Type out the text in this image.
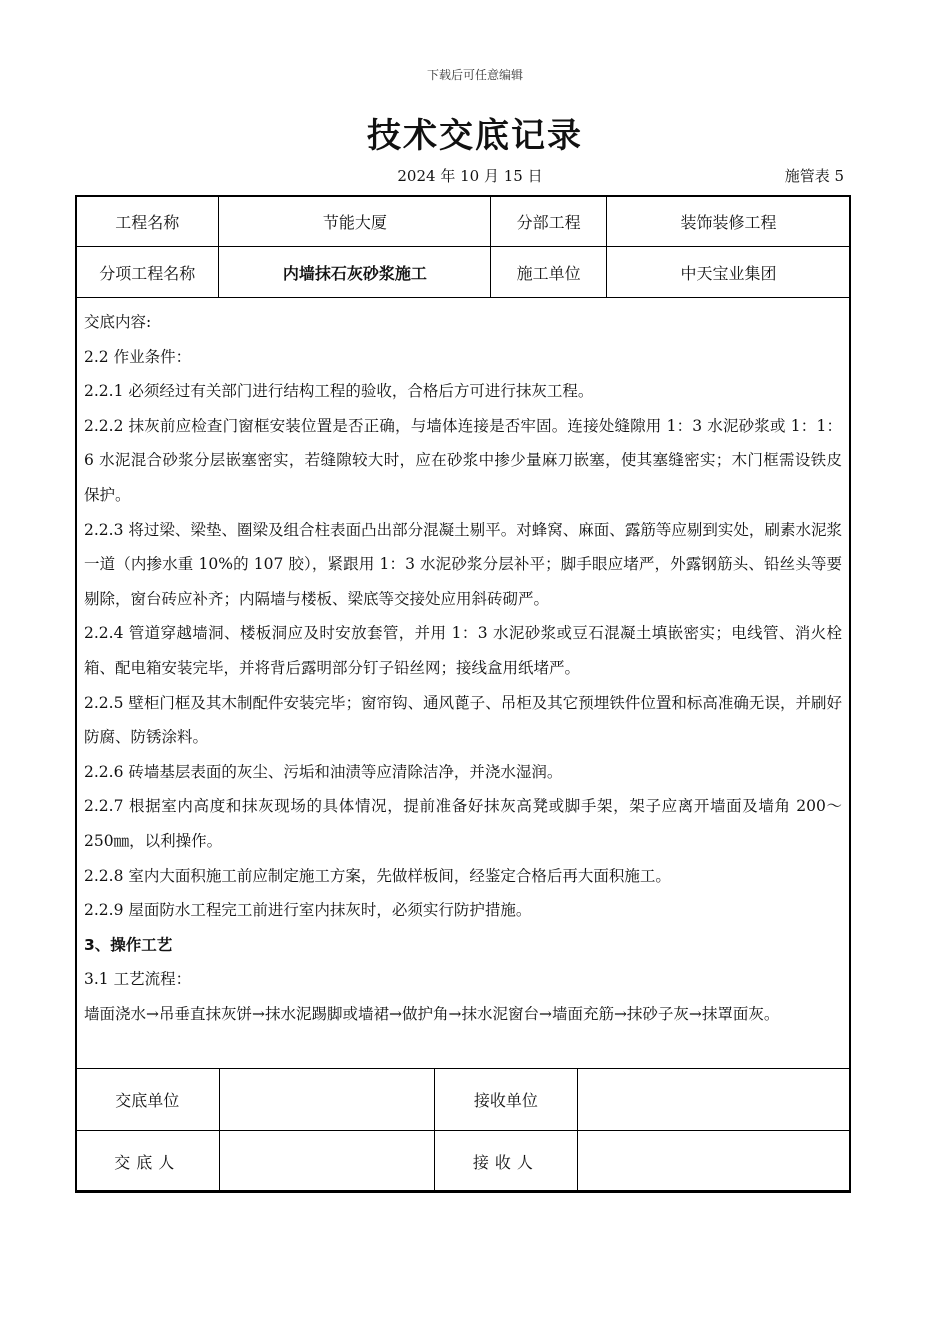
下载后可任意编辑
技术交底记录
2024 年 10 月 15 日	施管表 5
工程名称	节能大厦	分部工程	装饰装修工程
分项工程名称	内墙抹石灰砂浆施工	施工单位	中天宝业集团

交底内容:

2.2 作业条件：

2.2.1 必须经过有关部门进行结构工程的验收，合格后方可进行抹灰工程。

2.2.2 抹灰前应检查门窗框安装位置是否正确，与墙体连接是否牢固。连接处缝隙用 1：3 水泥砂浆或 1：1：6 水泥混合砂浆分层嵌塞密实，若缝隙较大时，应在砂浆中掺少量麻刀嵌塞，使其塞缝密实；木门框需设铁皮保护。

2.2.3 将过梁、梁垫、圈梁及组合柱表面凸出部分混凝土剔平。对蜂窝、麻面、露筋等应剔到实处，刷素水泥浆一道（内掺水重 10%的 107 胶），紧跟用 1：3 水泥砂浆分层补平；脚手眼应堵严，外露钢筋头、铅丝头等要剔除，窗台砖应补齐；内隔墙与楼板、梁底等交接处应用斜砖砌严。

2.2.4 管道穿越墙洞、楼板洞应及时安放套管，并用 1：3 水泥砂浆或豆石混凝土填嵌密实；电线管、消火栓箱、配电箱安装完毕，并将背后露明部分钉子铅丝网；接线盒用纸堵严。

2.2.5 壁柜门框及其木制配件安装完毕；窗帘钩、通风蓖子、吊柜及其它预埋铁件位置和标高准确无误，并刷好防腐、防锈涂料。

2.2.6 砖墙基层表面的灰尘、污垢和油渍等应清除洁净，并浇水湿润。

2.2.7 根据室内高度和抹灰现场的具体情况，提前准备好抹灰高凳或脚手架，架子应离开墙面及墙角 200～250㎜，以利操作。

2.2.8 室内大面积施工前应制定施工方案，先做样板间，经鉴定合格后再大面积施工。

2.2.9 屋面防水工程完工前进行室内抹灰时，必须实行防护措施。

3、操作工艺

3.1 工艺流程：

墙面浇水→吊垂直抹灰饼→抹水泥踢脚或墙裙→做护角→抹水泥窗台→墙面充筋→抹砂子灰→抹罩面灰。

交底单位		接收单位	
交底人		接收人	
